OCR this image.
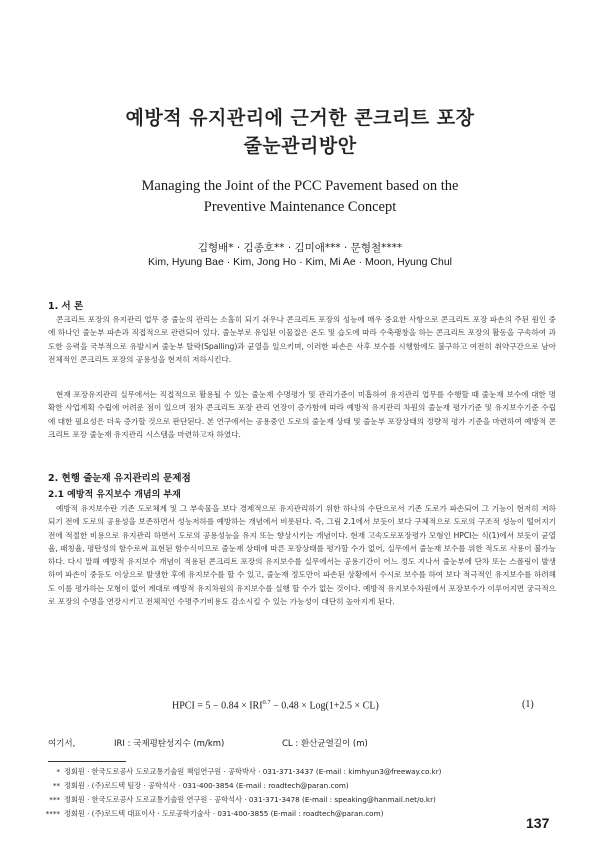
예방적 유지관리에 근거한 콘크리트 포장
줄눈관리방안
Managing the Joint of the PCC Pavement based on the
Preventive Maintenance Concept
김형배* · 김종호** · 김미애*** · 문형철****
Kim, Hyung Bae · Kim, Jong Ho · Kim, Mi Ae · Moon, Hyung Chul
1. 서 론
콘크리트 포장의 유지관리 업무 중 줄눈의 관리는 소홀히 되기 쉬우나 콘크리트 포장의 성능에 매우 중요한 사항으로 콘크리트 포장 파손의 주된 원인 중에 하나인 줄눈부 파손과 직접적으로 관련되어 있다. 줄눈부로 유입된 이물질은 온도 및 습도에 따라 수축팽창을 하는 콘크리트 포장의 활동을 구속하여 과도한 응력을 국부적으로 유발시켜 줄눈부 탈락(Spalling)과 균열을 일으키며, 이러한 파손은 사후 보수를 시행함에도 불구하고 여전히 취약구간으로 남아 전체적인 콘크리트 포장의 공용성을 현저히 저하시킨다.
현재 포장유지관리 실무에서는 직접적으로 활용될 수 있는 줄눈재 수명평가 및 관리기준이 미흡하여 유지관리 업무를 수행할 때 줄눈재 보수에 대한 명확한 사업계획 수립에 어려운 점이 있으며 점차 콘크리트 포장 관리 연장이 증가함에 따라 예방적 유지관리 차원의 줄눈재 평가기준 및 유지보수기준 수립에 대한 필요성은 더욱 증가할 것으로 판단된다. 본 연구에서는 공용중인 도로의 줄눈재 상태 및 줄눈부 포장상태의 정량적 평가 기준을 마련하여 예방적 콘크리트 포장 줄눈재 유지관리 시스템을 마련하고자 하였다.
2. 현행 줄눈재 유지관리의 문제점
2.1 예방적 유지보수 개념의 부재
예방적 유지보수란 기존 도로체계 및 그 부속물을 보다 경제적으로 유지관리하기 위한 하나의 수단으로서 기존 도로가 파손되어 그 기능이 현저히 저하되기 전에 도로의 공용성을 보존하면서 성능저하를 예방하는 개념에서 비롯된다. 즉, 그림 2.1에서 보듯이 보다 구체적으로 도로의 구조적 성능이 떨어지기 전에 적절한 비용으로 유지관리 하면서 도로의 공용성능을 유지 또는 향상시키는 개념이다. 현재 고속도로포장평가 모형인 HPCI는 식(1)에서 보듯이 균열율, 패칭율, 평탄성의 함수로써 표현된 함수식이므로 줄눈재 상태에 따른 포장상태를 평가할 수가 없어, 실무에서 줄눈재 보수를 위한 적도로 사용이 불가능하다. 다시 말해 예방적 유지보수 개념이 적용된 콘크리트 포장의 유지보수를 실무에서는 공용기간이 어느 정도 지나서 줄눈부에 단차 또는 스폴링이 발생하여 파손이 중등도 이상으로 발생한 후에 유지보수를 할 수 있고, 줄눈재 정도만이 파손된 상황에서 수시로 보수를 하여 보다 적극적인 유지보수를 하려해도 이를 평가하는 모형이 없어 계대로 예방적 유지차원의 유지보수를 실행 할 수가 없는 것이다. 예방적 유지보수차원에서 포장보수가 이루어지면 궁극적으로 포장의 수명을 연장시키고 전체적인 수명주기비용도 감소시킬 수 있는 가능성이 대단히 높아지게 된다.
HPCI = $5 - 0.84 \times IRI^{0.7} - 0.48 \times Log(1+2.5 \times CL)$	(1)
여기서,	IRI : 국제평탄성지수 (m/km)	CL : 환산균열길이 (m)
* 정회원 · 한국도로공사 도로교통기술원 책임연구원 · 공학박사 · 031-371-3437 (E-mail : kimhyun3@freeway.co.kr)
** 정회원 · (주)로드텍 팀장 · 공학석사 · 031-400-3854 (E-mail : roadtech@paran.com)
*** 정회원 · 한국도로공사 도로교통기술원 연구원 · 공학석사 · 031-371-3478 (E-mail : speaking@hanmail.net/o.kr)
**** 정회원 · (주)로드텍 대표이사 · 도로공학기술사 · 031-400-3855 (E-mail : roadtech@paran.com)
137
